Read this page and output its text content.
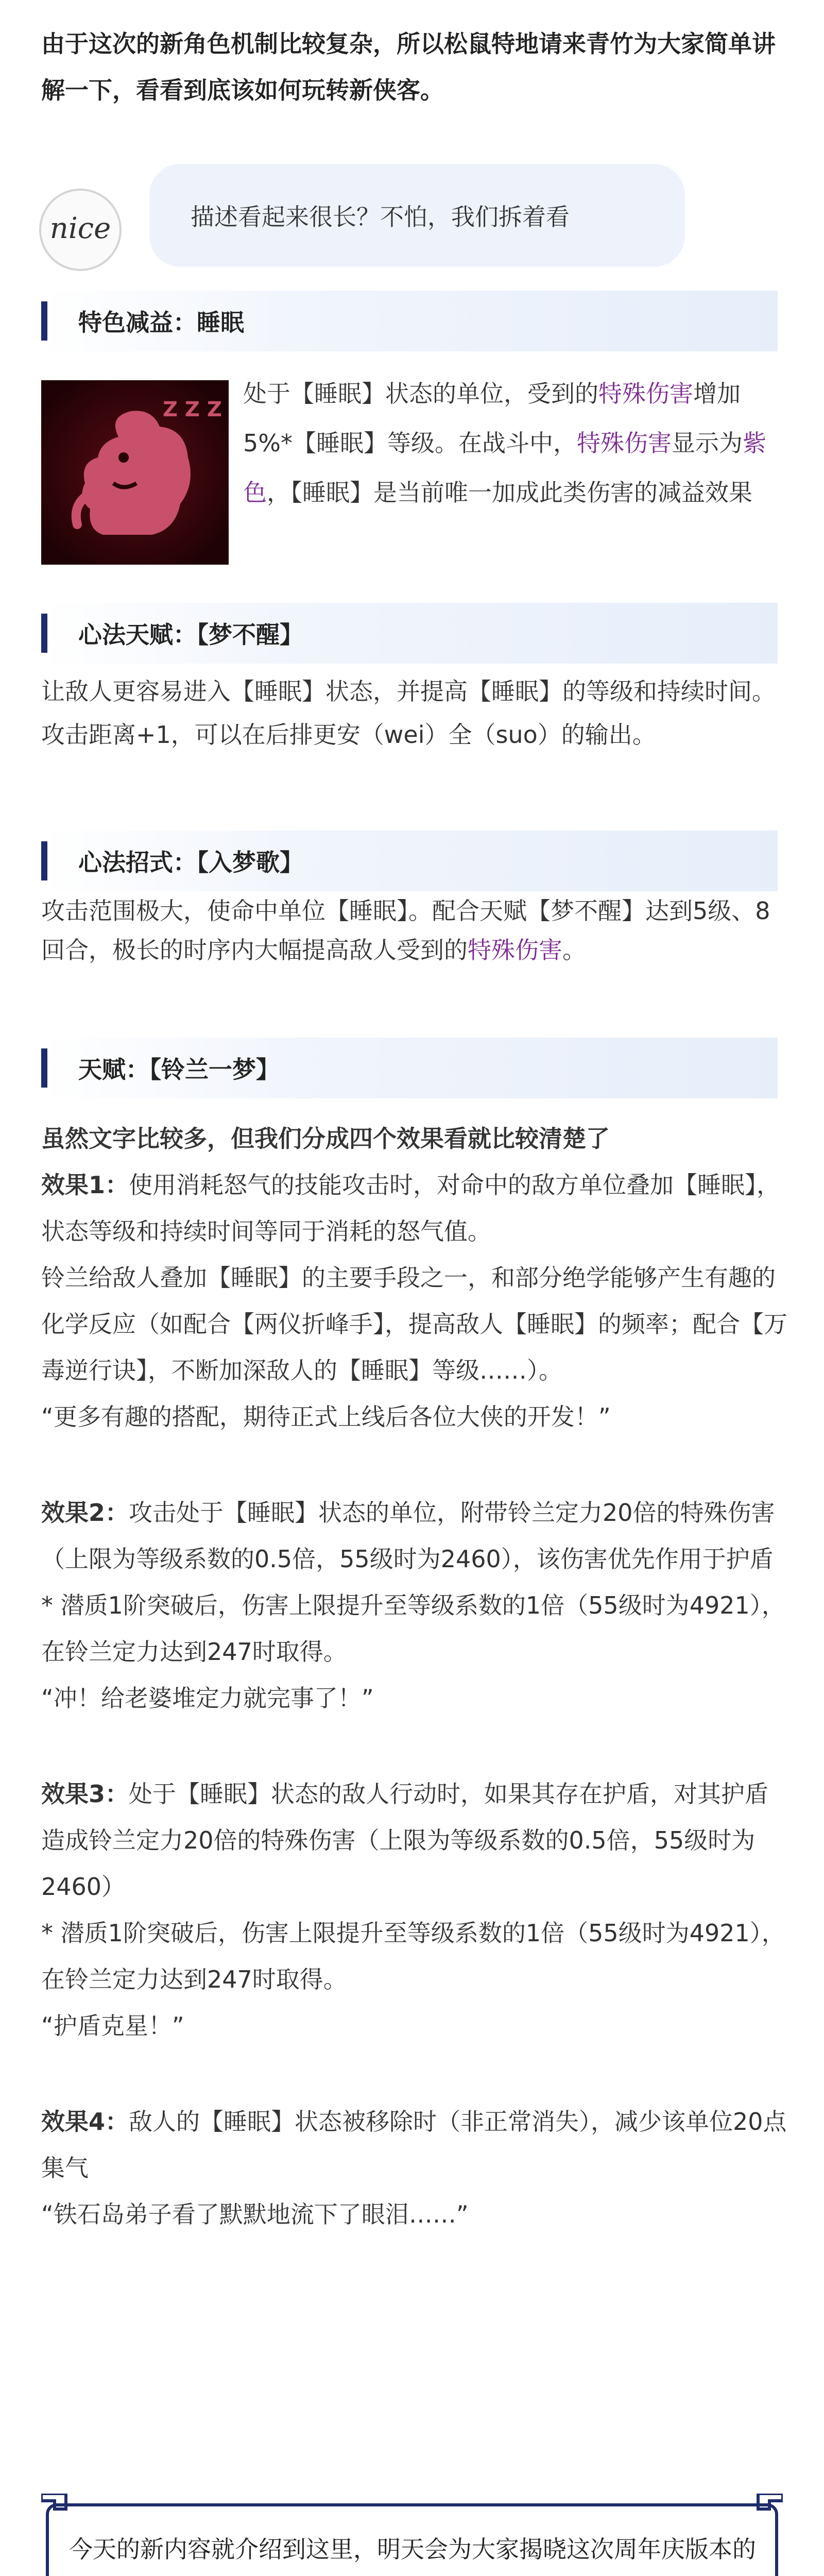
由于这次的新角色机制比较复杂，所以松鼠特地请来青竹为大家简单讲解一下，看看到底该如何玩转新侠客。
nice	描述看起来很长？不怕，我们拆着看
特色减益：睡眠
Z Z Z
处于【睡眠】状态的单位，受到的特殊伤害增加5%*【睡眠】等级。在战斗中，特殊伤害显示为紫色，【睡眠】是当前唯一加成此类伤害的减益效果
心法天赋：【梦不醒】
让敌人更容易进入【睡眠】状态，并提高【睡眠】的等级和持续时间。攻击距离+1，可以在后排更安（wei）全（suo）的输出。
心法招式：【入梦歌】
攻击范围极大，使命中单位【睡眠】。配合天赋【梦不醒】达到5级、8回合，极长的时序内大幅提高敌人受到的特殊伤害。
天赋：【铃兰一梦】

虽然文字比较多，但我们分成四个效果看就比较清楚了

效果1：使用消耗怒气的技能攻击时，对命中的敌方单位叠加【睡眠】，状态等级和持续时间等同于消耗的怒气值。

铃兰给敌人叠加【睡眠】的主要手段之一，和部分绝学能够产生有趣的化学反应（如配合【两仪折峰手】，提高敌人【睡眠】的频率；配合【万毒逆行诀】，不断加深敌人的【睡眠】等级……）。

“更多有趣的搭配，期待正式上线后各位大侠的开发！”

效果2：攻击处于【睡眠】状态的单位，附带铃兰定力20倍的特殊伤害（上限为等级系数的0.5倍，55级时为2460），该伤害优先作用于护盾

* 潜质1阶突破后，伤害上限提升至等级系数的1倍（55级时为4921），在铃兰定力达到247时取得。

“冲！给老婆堆定力就完事了！”

效果3：处于【睡眠】状态的敌人行动时，如果其存在护盾，对其护盾造成铃兰定力20倍的特殊伤害（上限为等级系数的0.5倍，55级时为2460）

* 潜质1阶突破后，伤害上限提升至等级系数的1倍（55级时为4921），在铃兰定力达到247时取得。

“护盾克星！”

效果4：敌人的【睡眠】状态被移除时（非正常消失），减少该单位20点集气

“铁石岛弟子看了默默地流下了眼泪……”

今天的新内容就介绍到这里，明天会为大家揭晓这次周年庆版本的
